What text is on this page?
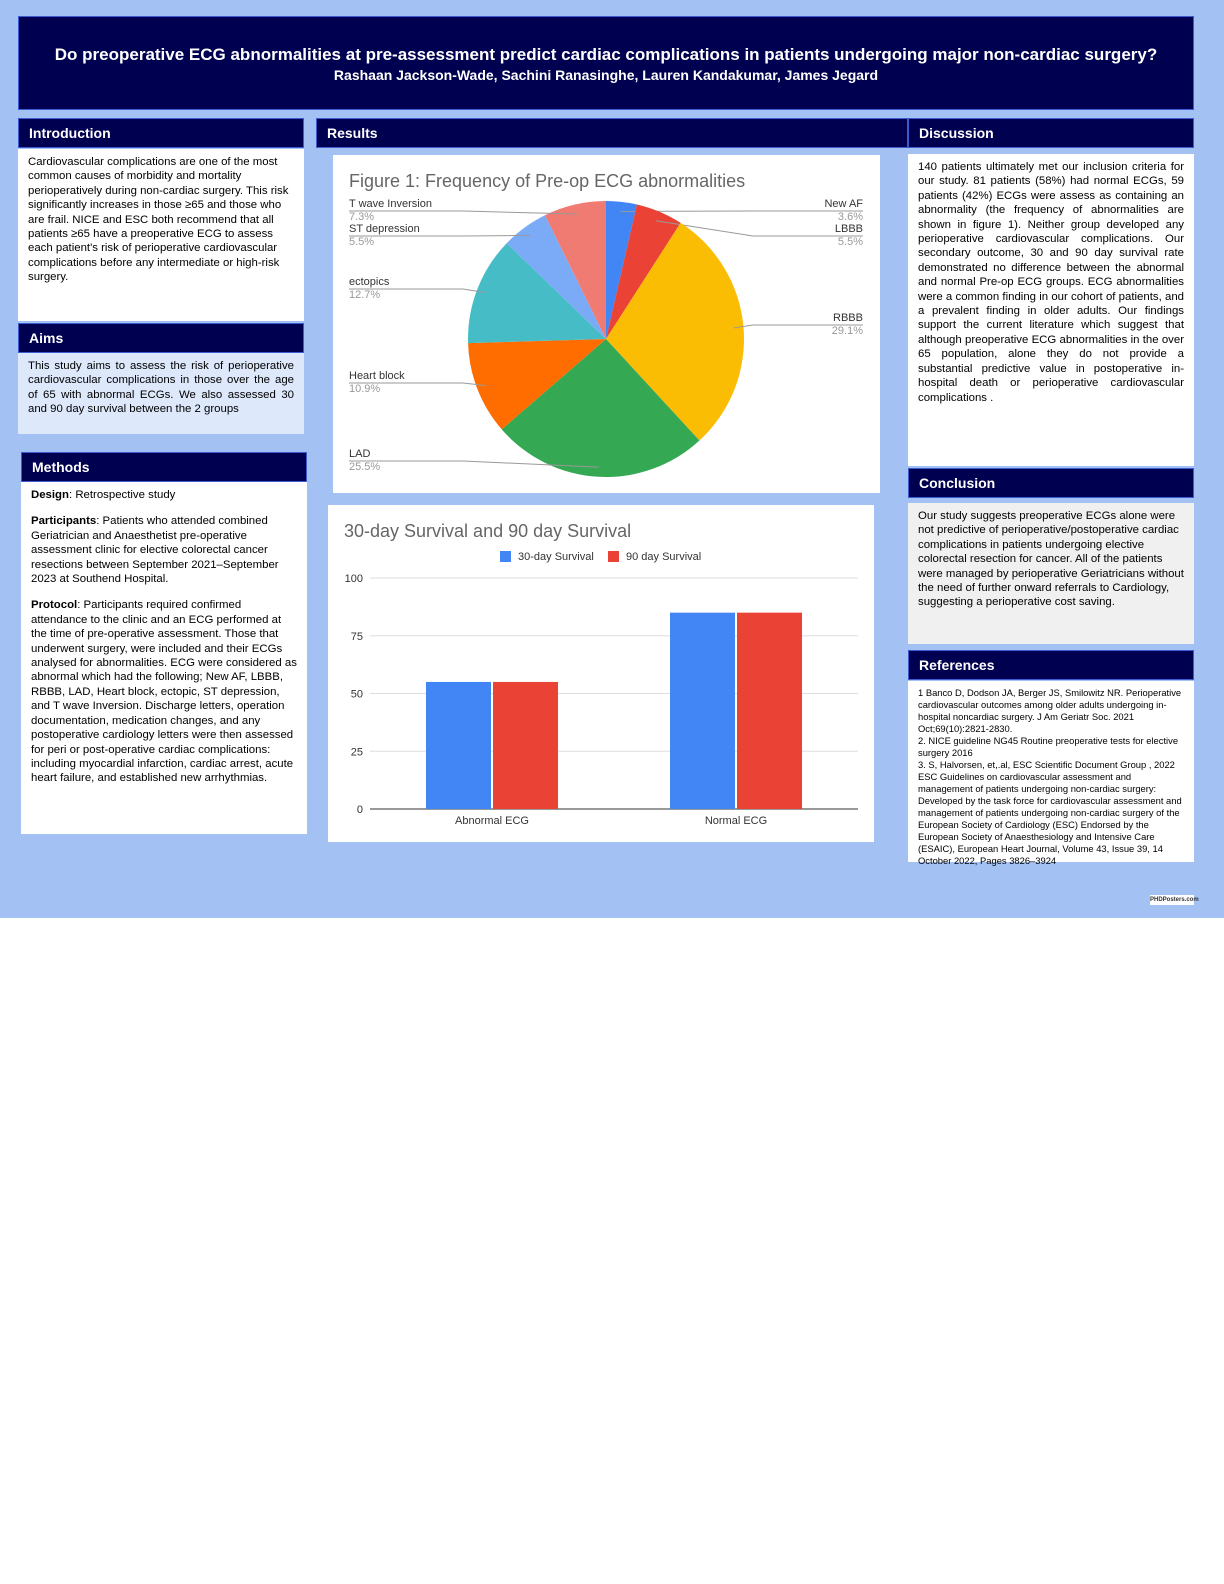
Do preoperative ECG abnormalities at pre-assessment predict cardiac complications in patients undergoing major non-cardiac surgery?
Rashaan Jackson-Wade, Sachini Ranasinghe, Lauren Kandakumar, James Jegard
Introduction
Cardiovascular complications are one of the most common causes of morbidity and mortality perioperatively during non-cardiac surgery. This risk significantly increases in those ≥65 and those who are frail. NICE and ESC both recommend that all patients ≥65 have a preoperative ECG to assess each patient's risk of perioperative cardiovascular complications before any intermediate or high-risk surgery.
Aims
This study aims to assess the risk of perioperative cardiovascular complications in those over the age of 65 with abnormal ECGs. We also assessed 30 and 90 day survival between the 2 groups
Methods

Design: Retrospective study

Participants: Patients who attended combined Geriatrician and Anaesthetist pre-operative assessment clinic for elective colorectal cancer resections between September 2021–September 2023 at Southend Hospital.

Protocol: Participants required confirmed attendance to the clinic and an ECG performed at the time of pre-operative assessment. Those that underwent surgery, were included and their ECGs analysed for abnormalities. ECG were considered as abnormal which had the following; New AF, LBBB, RBBB, LAD, Heart block, ectopic, ST depression, and T wave Inversion. Discharge letters, operation documentation, medication changes, and any postoperative cardiology letters were then assessed for peri or post-operative cardiac complications: including myocardial infarction, cardiac arrest, acute heart failure, and established new arrhythmias.

Results
Figure 1: Frequency of Pre-op ECG abnormalities
New AF
3.6%
LBBB
5.5%
RBBB
29.1%
LAD
25.5%
Heart block
10.9%
ectopics
12.7%
ST depression
5.5%
T wave Inversion
7.3%
30-day Survival and 90 day Survival
0
25
50
75
100
30-day Survival	90 day Survival
Abnormal ECG	Normal ECG
Discussion
140 patients ultimately met our inclusion criteria for our study. 81 patients (58%) had normal ECGs, 59 patients (42%) ECGs were assess as containing an abnormality (the frequency of abnormalities are shown in figure 1). Neither group developed any perioperative cardiovascular complications. Our secondary outcome, 30 and 90 day survival rate demonstrated no difference between the abnormal and normal Pre-op ECG groups. ECG abnormalities were a common finding in our cohort of patients, and a prevalent finding in older adults. Our findings support the current literature which suggest that although preoperative ECG abnormalities in the over 65 population, alone they do not provide a substantial predictive value in postoperative in-hospital death or perioperative cardiovascular complications .
Conclusion
Our study suggests preoperative ECGs alone were not predictive of perioperative/postoperative cardiac complications in patients undergoing elective colorectal resection for cancer. All of the patients were managed by perioperative Geriatricians without the need of further onward referrals to Cardiology, suggesting a perioperative cost saving.
References
1 Banco D, Dodson JA, Berger JS, Smilowitz NR. Perioperative cardiovascular outcomes among older adults undergoing in-hospital noncardiac surgery. J Am Geriatr Soc. 2021 Oct;69(10):2821-2830.
2. NICE guideline NG45 Routine preoperative tests for elective surgery 2016
3. S, Halvorsen, et,.al, ESC Scientific Document Group , 2022 ESC Guidelines on cardiovascular assessment and management of patients undergoing non-cardiac surgery: Developed by the task force for cardiovascular assessment and management of patients undergoing non-cardiac surgery of the European Society of Cardiology (ESC) Endorsed by the European Society of Anaesthesiology and Intensive Care (ESAIC), European Heart Journal, Volume 43, Issue 39, 14 October 2022, Pages 3826–3924
PHDPosters.com
